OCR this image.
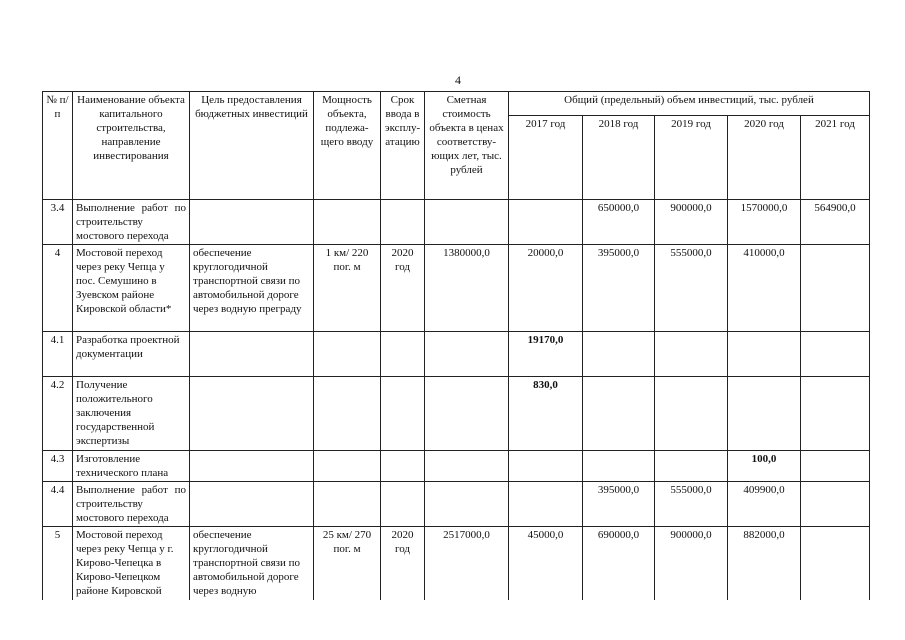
4
№ п/п	Наименование объекта капитального строительства, направление инвестирования	Цель предоставления бюджетных инвестиций	Мощность объекта, подлежа-щего вводу	Срок ввода в эксплу-атацию	Сметная стоимость объекта в ценах соответству-ющих лет, тыс. рублей	Общий (предельный) объем инвестиций, тыс. рублей				
						2017 год	2018 год	2019 год	2020 год	2021 год
3.4	Выполнение работ по строительству мостового перехода						650000,0	900000,0	1570000,0	564900,0
4	Мостовой переход через реку Чепца у пос. Семушино в Зуевском районе Кировской области*	обеспечение круглогодичной транспортной связи по автомобильной дороге через водную преграду	1 км/ 220 пог. м	2020 год	1380000,0	20000,0	395000,0	555000,0	410000,0	
4.1	Разработка проектной документации					19170,0				
4.2	Получение положительного заключения государственной экспертизы					830,0				
4.3	Изготовление технического плана								100,0	
4.4	Выполнение работ по строительству мостового перехода						395000,0	555000,0	409900,0	
5	Мостовой переход через реку Чепца у г. Кирово-Чепецка в Кирово-Чепецком районе Кировской	обеспечение круглогодичной транспортной связи по автомобильной дороге через водную	25 км/ 270 пог. м	2020 год	2517000,0	45000,0	690000,0	900000,0	882000,0	
